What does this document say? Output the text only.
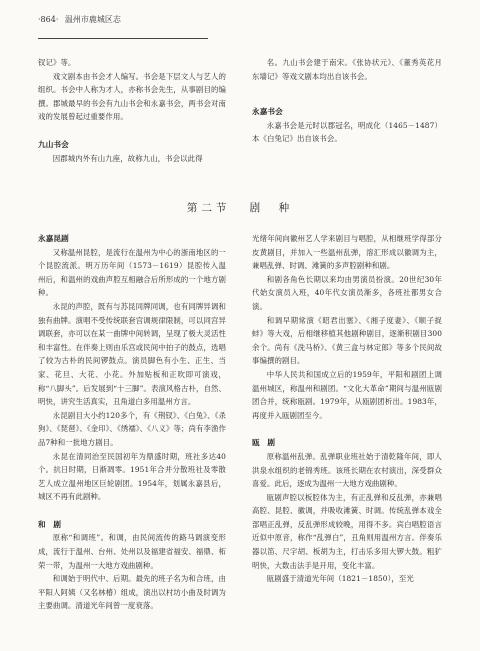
·864· 温州市鹿城区志

钗记》等。

戏文剧本由书会才人编写。书会是下层文人与艺人的组织。书会中人称为才人，亦称书会先生，从事剧目的编撰。郡城最早的书会有九山书会和永嘉书会，两书会对南戏的发展曾起过重要作用。

九山书会

因郡城内外有山九座，故称九山，书会以此得

名。九山书会建于南宋。《张协状元》、《董秀英花月东墙记》等戏文剧本均出自该书会。

永嘉书会

永嘉书会是元时以郡冠名，明成化（1465－1487）本《白兔记》出自该书会。

第二节 剧　种
永嘉昆剧

又称温州昆腔，是流行在温州为中心的浙南地区的一个昆腔流派。明万历年间（1573－1619）昆腔传入温州后，和温州的戏曲声腔互相融合后所形成的一个地方剧种。

永昆的声腔，既有与苏昆同牌同调，也有同牌异调和独有曲牌。演唱不受传统联套宫调规律限制，可以同宫异调联套，亦可以在某一曲牌中间转调，呈现了极大灵活性和丰富性。在伴奏上则由乐宫或民间中拍子的鼓点，选唱了较为古朴的民间锣鼓点。演员脚色有小生、正生、当家、花旦、大花、小花。外加贴板和正吹即可演戏，称“八脚头”。后发展到“十三脚”。表演风格古朴，自然、明快，讲究生活真实，丑角道白多用温州方言。

永昆剧目大小约120多个，有《荆钗》、《白兔》、《杀狗》、《琵琶》、《金印》、《绣襦》、《八义》等；尚有李渔作品7种和一批地方剧目。

永昆在清同治至民国初年为鼎盛时期，班社多达40个。抗日时期，日渐凋零。1951年合并分散班社及零散艺人成立温州地区巨轮剧团。1954年，划属永嘉县后，城区不再有此剧种。

和　剧

原称“和调班”。和调，由民间流传的路马调演变形成，流行于温州、台州、处州以及福建省福安、福鼎、柘荣一带，为温州一大地方戏曲剧种。

和调始于明代中、后期。最先的班子名为和合班，由平阳人阿姨（又名林椿）组成，演出以村坊小曲及时调为主要曲调。清道光年间曾一度衰落。

光绪年间向徽州艺人学来剧目与唱腔，从相继班学得部分皮黄剧目，并加入一些温州乱弹，溶汇形成以徽调为主，兼唱乱弹、时调、滩簧的多声腔剧种和剧。

和剧各角色长期以来均由男演员扮演。20世纪30年代始女演员入班，40年代女演员渐多，各班社都男女合演。

和调早期常演《昭君出塞》、《湘子度妻》、《顺子捉蚌》等大戏，后相继移植其他剧种剧目，逐渐积剧目300余个。尚有《洗马桥》、《黄三盒与林定郎》等多个民间故事编撰的剧目。

中华人民共和国成立后的1959年，平阳和剧团上调温州城区，称温州和剧团。“文化大革命”期间与温州瓯剧团合并，统称瓯剧。1979年，从瓯剧团析出。1983年，再度并入瓯剧团至今。

瓯　剧

原称温州乱弹。乱弹职业班社始于清乾隆年间，即人洪泉水组织的老锦秀班。该班长期在农村演出，深受群众喜爱。此后，逐成为温州一大地方戏曲剧种。

瓯剧声腔以板腔体为主，有正乱弹和反乱弹，亦兼唱高腔、昆腔、徽调，并吸收滩簧、时调。传统乱弹本戏全部唱正乱弹，反乱弹形成较晚，用得不多。宾白唱腔语言近似中原音，称作“乱弹白”，丑角则用温州方言。伴奏乐器以笛、尺字胡、板胡为主，打击乐多用大锣大鼓。粗犷明快，大数击法手是开用，变化丰富。

瓯剧盛于清道光年间（1821－1850），至光
